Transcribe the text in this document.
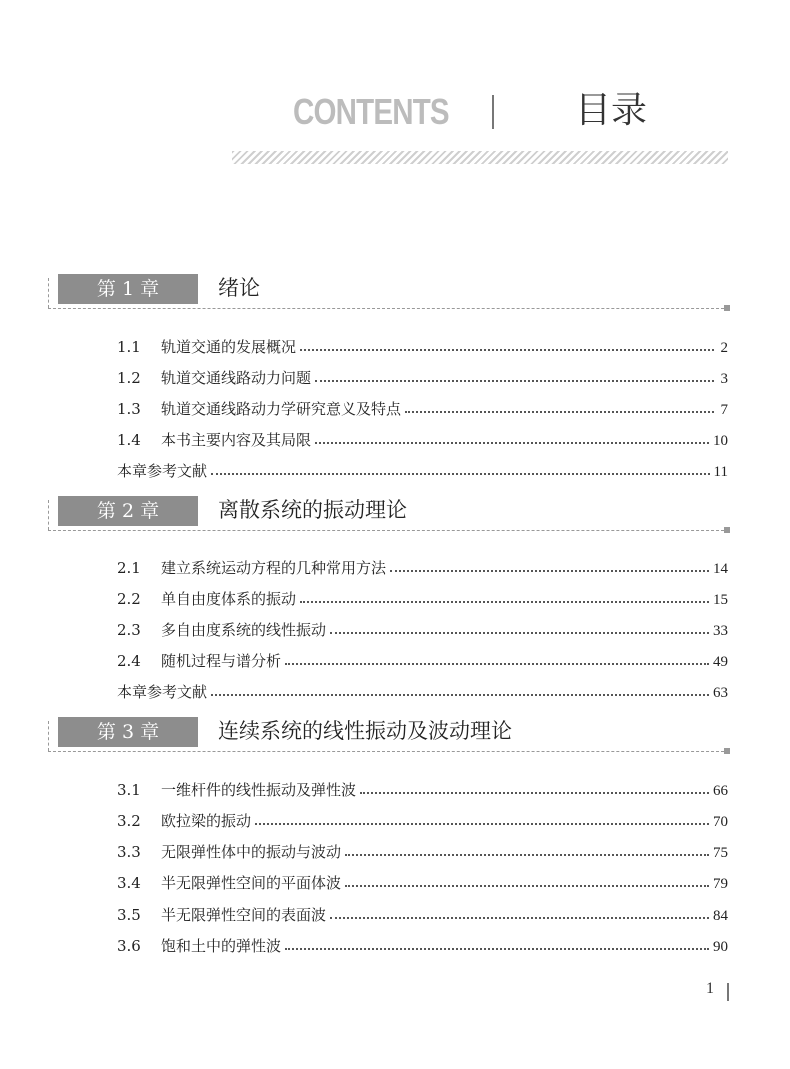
CONTENTS	目录
第 1 章	绪论
1.1	轨道交通的发展概况	2
1.2	轨道交通线路动力问题	3
1.3	轨道交通线路动力学研究意义及特点	7
1.4	本书主要内容及其局限	10
本章参考文献	11
第 2 章	离散系统的振动理论
2.1	建立系统运动方程的几种常用方法	14
2.2	单自由度体系的振动	15
2.3	多自由度系统的线性振动	33
2.4	随机过程与谱分析	49
本章参考文献	63
第 3 章	连续系统的线性振动及波动理论
3.1	一维杆件的线性振动及弹性波	66
3.2	欧拉梁的振动	70
3.3	无限弹性体中的振动与波动	75
3.4	半无限弹性空间的平面体波	79
3.5	半无限弹性空间的表面波	84
3.6	饱和土中的弹性波	90
1
